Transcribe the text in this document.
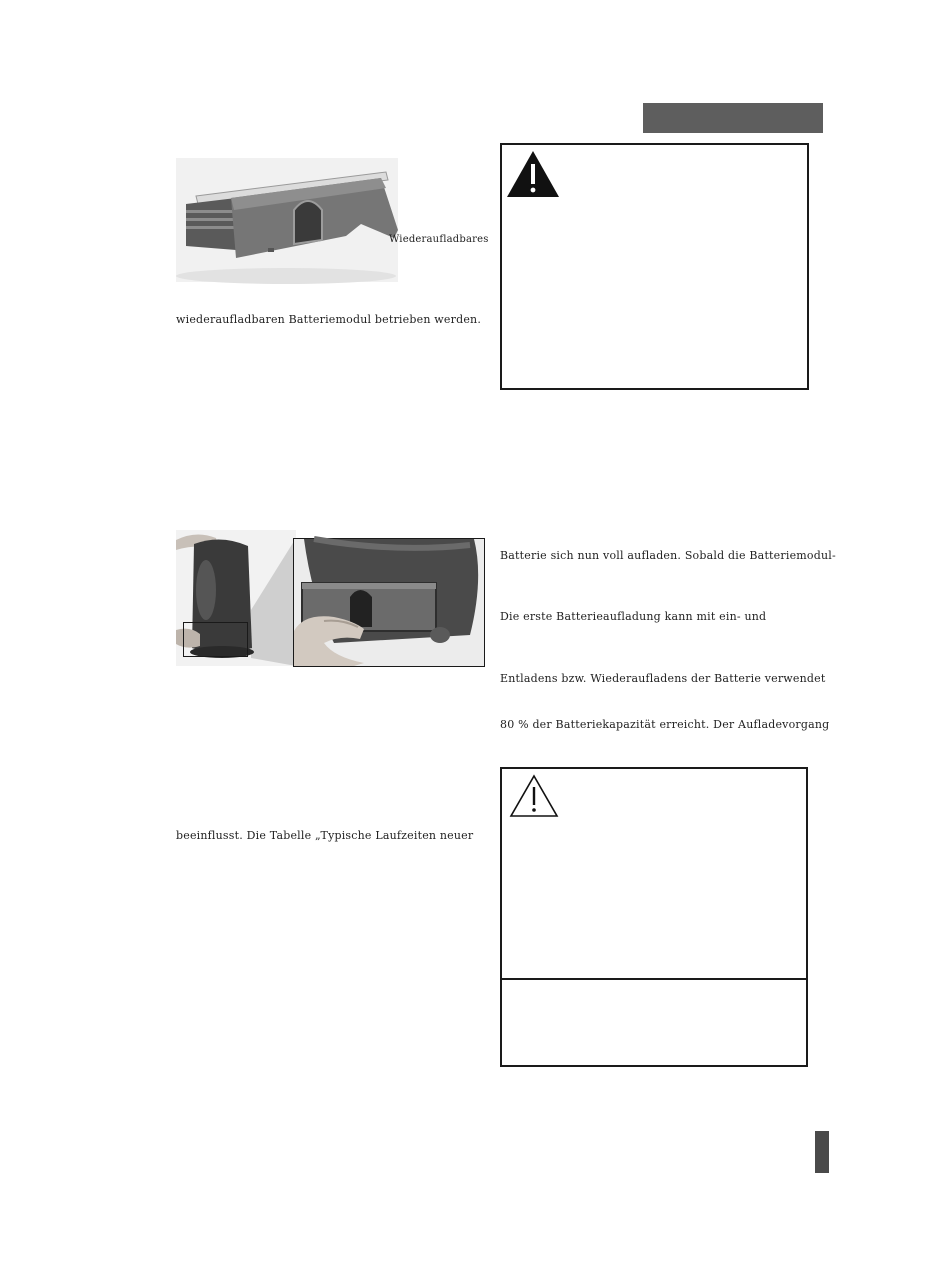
Wiederaufladbares
wiederaufladbaren Batteriemodul betrieben werden.
Batterie sich nun voll aufladen. Sobald die Batteriemodul-
Die erste Batterieaufladung kann mit ein- und
Entladens bzw. Wiederaufladens der Batterie verwendet
80 % der Batteriekapazität erreicht. Der Aufladevorgang
beeinflusst. Die Tabelle „Typische Laufzeiten neuer
